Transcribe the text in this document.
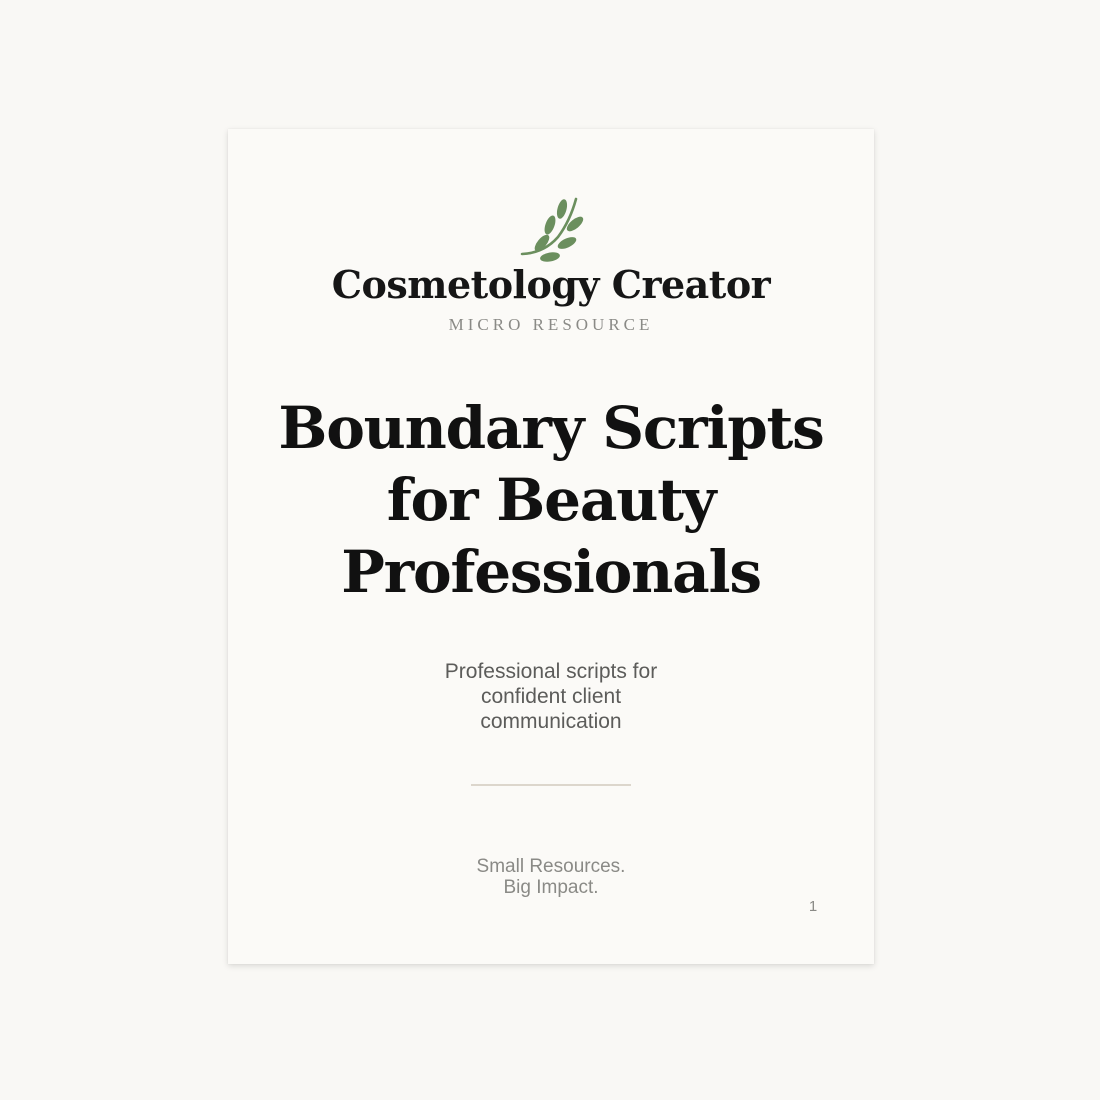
Cosmetology Creator
MICRO RESOURCE
Boundary Scripts
for Beauty
Professionals
Professional scripts for
confident client
communication
Small Resources.
Big Impact.
1
